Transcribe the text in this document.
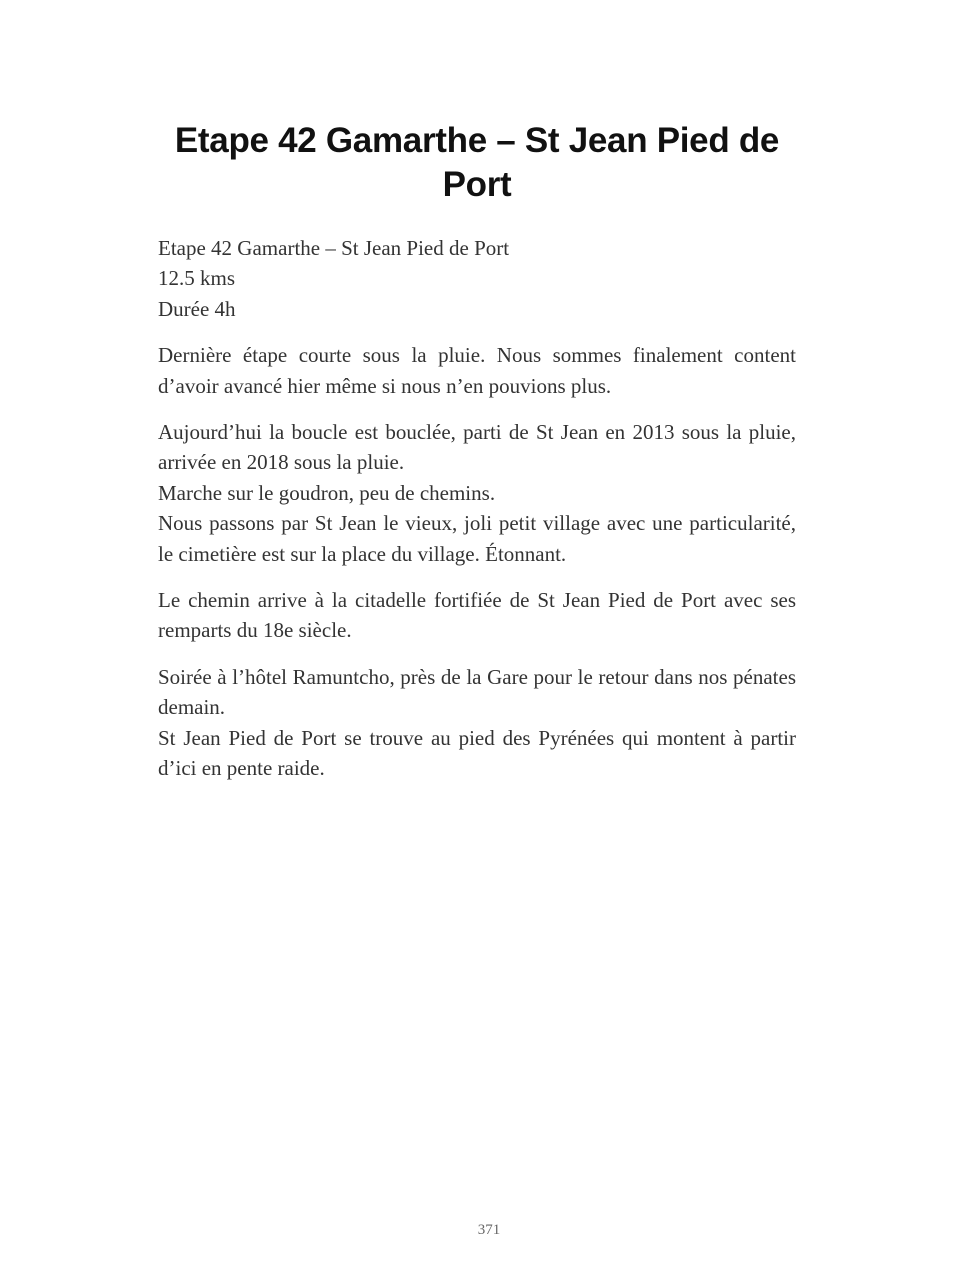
Etape 42 Gamarthe – St Jean Pied de Port

Etape 42 Gamarthe – St Jean Pied de Port
12.5 kms
Durée 4h

Dernière étape courte sous la pluie. Nous sommes finalement content d’avoir avancé hier même si nous n’en pouvions plus.

Aujourd’hui la boucle est bouclée, parti de St Jean en 2013 sous la pluie, arrivée en 2018 sous la pluie.
Marche sur le goudron, peu de chemins.
Nous passons par St Jean le vieux, joli petit village avec une particularité, le cimetière est sur la place du village. Étonnant.

Le chemin arrive à la citadelle fortifiée de St Jean Pied de Port avec ses remparts du 18e siècle.

Soirée à l’hôtel Ramuntcho, près de la Gare pour le retour dans nos pénates demain.
St Jean Pied de Port se trouve au pied des Pyrénées qui montent à partir d’ici en pente raide.

371
